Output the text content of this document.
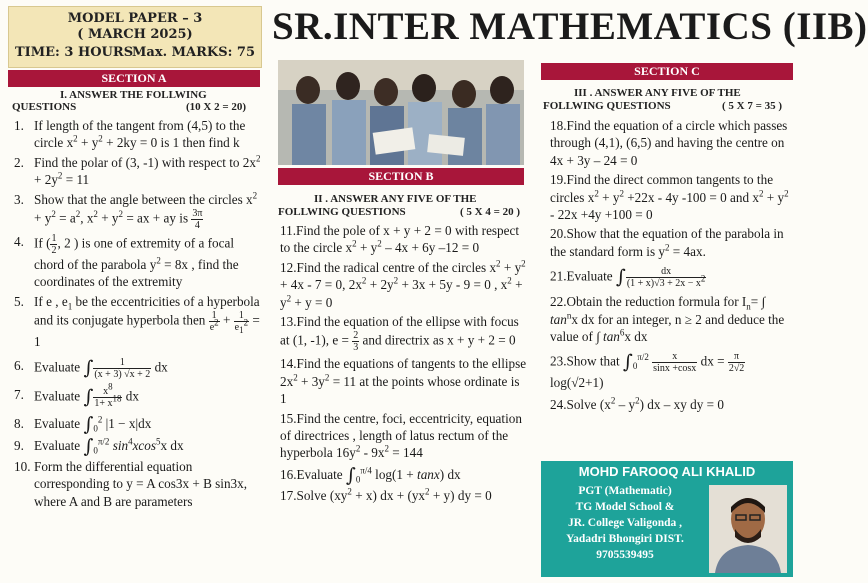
MODEL PAPER – 3
( MARCH 2025)
TIME: 3 HOURS
Max. MARKS: 75
SR.INTER MATHEMATICS (IIB)
SECTION A
I. ANSWER THE FOLLWING
QUESTIONS	(10 X 2 = 20)
1. If length of the tangent from (4,5) to the circle $x^2 + y^2 + 2ky = 0$ is 1 then find k
2. Find the polar of (3, -1) with respect to $2x^2 + 2y^2 = 11$
3. Show that the angle between the circles $x^2 + y^2 = a^2$, $x^2 + y^2$ = ax + ay is $\frac{3\pi}{4}$
4. If ( $\frac{1}{2}$ , 2 ) is one of extremity of a focal chord of the parabola $y^2 = 8x$ , find the coordinates of the extremity
5. If e , $e_1$ be the eccentricities of a hyperbola and its conjugate hyperbola then $\frac{1}{e^2} + \frac{1}{e_1^2} = 1$
6. Evaluate ∫ $\frac{1}{(x + 3) √x + 2}$ dx
7. Evaluate ∫ $\frac{x^8}{1+ x^{18}}$ dx
8. Evaluate $\int_0^2$ |1 − x|dx
9. Evaluate $\int_0^{\pi/2}$ $\sin^4xcos^5x$ dx
10. Form the differential equation corresponding to y = A cos3x + B sin3x, where A and B are parameters
SECTION B
II . ANSWER ANY FIVE OF THE
FOLLWING QUESTIONS	( 5 X 4 = 20 )
11.Find the pole of x + y + 2 = 0 with respect to the circle $x^2 + y^2 - 4x + 6y$ –12 = 0
12.Find the radical centre of the circles $x^2 + y^2 + 4x - 7 = 0$, $2x^2 + 2y^2 + 3x + 5y - 9 = 0$ , $x^2 + y^2 + y = 0$
13.Find the equation of the ellipse with focus at (1, -1), $e = \frac{2}{3}$ and directrix as x + y + 2 = 0
14.Find the equations of tangents to the ellipse $2x^2 + 3y^2 = 11$ at the points whose ordinate is 1
15.Find the centre, foci, eccentricity, equation of directrices , length of latus rectum of the hyperbola $16y^2 - 9x^2 = 144$
16.Evaluate $\int_0^{\pi/4}$ log(1 + tanx) dx
17.Solve $(xy^2 + x)$ dx + $(yx^2 + y)$ dy = 0
SECTION C
III . ANSWER ANY FIVE OF THE
FOLLWING QUESTIONS	( 5 X 7 = 35 )
18.Find the equation of a circle which passes through (4,1), (6,5) and having the centre on 4x + 3y – 24 = 0
19.Find the direct common tangents to the circles $x^2 + y^2 +22x - 4y$ -100 = 0 and $x^2 + y^2 - 22x +4y +100 = 0$
20.Show that the equation of the parabola in the standard form is $y^2 = 4ax$.
21.Evaluate ∫ $\frac{dx}{(1 + x)√3 + 2x - x^2}$
22.Obtain the reduction formula for $I_n=$ ∫ $\tan^nx$ dx for an integer, n ≥ 2 and deduce the value of ∫ $\tan^6x$ dx
23.Show that $\int_0^{\pi/2} \frac{x}{\sin x +\cos x}$ dx = $\frac{\pi}{2√2}$
log(√2+1)
24.Solve $(x^2 - y^2)$ dx – xy dy = 0
MOHD FAROOQ ALI KHALID
PGT (Mathematic)
TG Model School &
JR. College Valigonda ,
Yadadri Bhongiri DIST.
9705539495
